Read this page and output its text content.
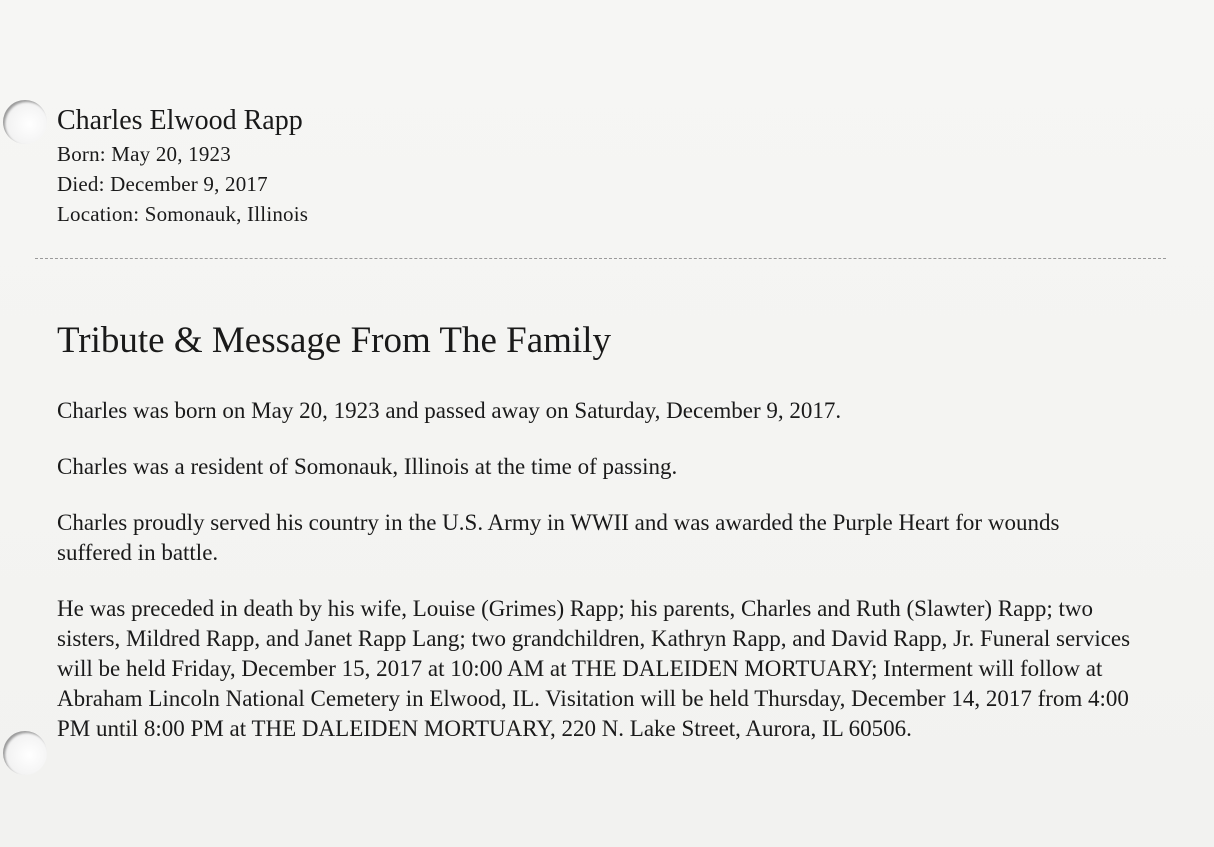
Charles Elwood Rapp

Born: May 20, 1923

Died: December 9, 2017

Location: Somonauk, Illinois

Tribute & Message From The Family

Charles was born on May 20, 1923 and passed away on Saturday, December 9, 2017.

Charles was a resident of Somonauk, Illinois at the time of passing.

Charles proudly served his country in the U.S. Army in WWII and was awarded the Purple Heart for wounds suffered in battle.

He was preceded in death by his wife, Louise (Grimes) Rapp; his parents, Charles and Ruth (Slawter) Rapp; two sisters, Mildred Rapp, and Janet Rapp Lang; two grandchildren, Kathryn Rapp, and David Rapp, Jr. Funeral services will be held Friday, December 15, 2017 at 10:00 AM at THE DALEIDEN MORTUARY; Interment will follow at Abraham Lincoln National Cemetery in Elwood, IL. Visitation will be held Thursday, December 14, 2017 from 4:00 PM until 8:00 PM at THE DALEIDEN MORTUARY, 220 N. Lake Street, Aurora, IL 60506.
